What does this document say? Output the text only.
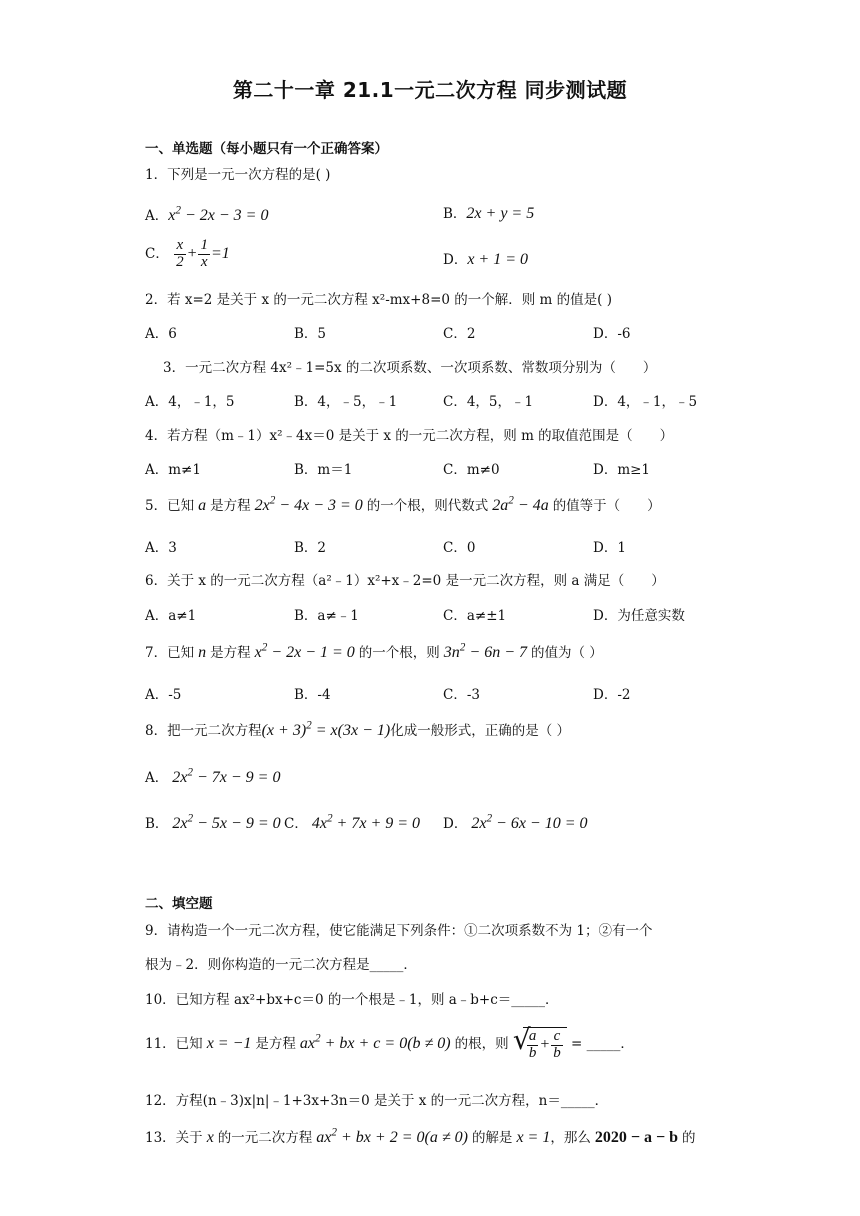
第二十一章 21.1一元二次方程 同步测试题
一、单选题（每小题只有一个正确答案）
1．下列是一元一次方程的是( )
A．$x^2 - 2x - 3 = 0$	B．2x + y = 5
C． $\frac{x}{2} + \frac{1}{x} =1$	D．x + 1 = 0
2．若 x=2 是关于 x 的一元二次方程 x²-mx+8=0 的一个解．则 m 的值是( )
A．6	B．5	C．2	D．-6
3．一元二次方程 4x²﹣1=5x 的二次项系数、一次项系数、常数项分别为（　　）
A．4，﹣1，5	B．4，﹣5，﹣1	C．4，5，﹣1	D．4，﹣1，﹣5
4．若方程（m﹣1）x²﹣4x＝0 是关于 x 的一元二次方程，则 m 的取值范围是（　　）
A．m≠1	B．m＝1	C．m≠0	D．m≥1
5．已知 a 是方程 $2x^2 - 4x - 3 = 0$ 的一个根，则代数式 $2a^2 - 4a$ 的值等于（　　）
A．3	B．2	C．0	D．1
6．关于 x 的一元二次方程（a²﹣1）x²+x﹣2=0 是一元二次方程，则 a 满足（　　）
A．a≠1	B．a≠﹣1	C．a≠±1	D．为任意实数
7．已知 n 是方程 $x^2 - 2x - 1 = 0$ 的一个根，则 $3n^2 - 6n - 7$ 的值为（ ）
A．-5	B．-4	C．-3	D．-2
8．把一元二次方程$(x + 3)^2 = x(3x - 1)$化成一般形式，正确的是（ ）
A． $2x^2 - 7x - 9 = 0$
B． $2x^2 - 5x - 9 = 0$ C． $4x^2 + 7x + 9 = 0$ D． $2x^2 - 6x - 10 = 0$
二、填空题
9．请构造一个一元二次方程，使它能满足下列条件：①二次项系数不为 1；②有一个
根为﹣2．则你构造的一元二次方程是_____．
10．已知方程 ax²+bx+c＝0 的一个根是﹣1，则 a﹣b+c＝_____．
11．已知 x = −1 是方程 $ax^2$ + bx + c = 0(b ≠ 0) 的根，则 √
$\frac{a}{b} + \frac{c}{b}$ = _____．
12．方程(n﹣3)x|n|﹣1+3x+3n＝0 是关于 x 的一元二次方程，n＝_____．
13．关于 x 的一元二次方程 $ax^2$ + bx + 2 = 0(a ≠ 0) 的解是 x = 1，那么 2020 − a − b 的
